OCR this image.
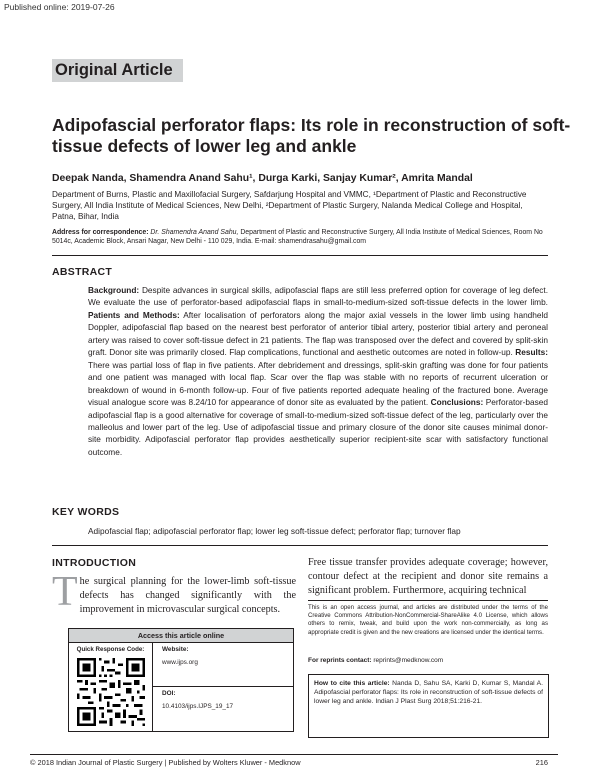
Published online: 2019-07-26
Original Article
Adipofascial perforator flaps: Its role in reconstruction of soft-tissue defects of lower leg and ankle
Deepak Nanda, Shamendra Anand Sahu¹, Durga Karki, Sanjay Kumar², Amrita Mandal
Department of Burns, Plastic and Maxillofacial Surgery, Safdarjung Hospital and VMMC, ¹Department of Plastic and Reconstructive Surgery, All India Institute of Medical Sciences, New Delhi, ²Department of Plastic Surgery, Nalanda Medical College and Hospital, Patna, Bihar, India
Address for correspondence: Dr. Shamendra Anand Sahu, Department of Plastic and Reconstructive Surgery, All India Institute of Medical Sciences, Room No 5014c, Academic Block, Ansari Nagar, New Delhi - 110 029, India. E-mail: shamendrasahu@gmail.com
ABSTRACT
Background: Despite advances in surgical skills, adipofascial flaps are still less preferred option for coverage of leg defect. We evaluate the use of perforator-based adipofascial flaps in small-to-medium-sized soft-tissue defects in the lower limb. Patients and Methods: After localisation of perforators along the major axial vessels in the lower limb using handheld Doppler, adipofascial flap based on the nearest best perforator of anterior tibial artery, posterior tibial artery and peroneal artery was raised to cover soft-tissue defect in 21 patients. The flap was transposed over the defect and covered by split-skin graft. Donor site was primarily closed. Flap complications, functional and aesthetic outcomes are noted in follow-up. Results: There was partial loss of flap in five patients. After debridement and dressings, split-skin grafting was done for four patients and one patient was managed with local flap. Scar over the flap was stable with no reports of recurrent ulceration or breakdown of wound in 6-month follow-up. Four of five patients reported adequate healing of the fractured bone. Average visual analogue score was 8.24/10 for appearance of donor site as evaluated by the patient. Conclusions: Perforator-based adipofascial flap is a good alternative for coverage of small-to-medium-sized soft-tissue defect of the leg, particularly over the malleolus and lower part of the leg. Use of adipofascial tissue and primary closure of the donor site causes minimal donor-site morbidity. Adipofascial perforator flap provides aesthetically superior recipient-site scar with satisfactory functional outcome.
KEY WORDS
Adipofascial flap; adipofascial perforator flap; lower leg soft-tissue defect; perforator flap; turnover flap
INTRODUCTION
T he surgical planning for the lower-limb soft-tissue defects has changed significantly with the improvement in microvascular surgical concepts.
Free tissue transfer provides adequate coverage; however, contour defect at the recipient and donor site remains a significant problem. Furthermore, acquiring technical
This is an open access journal, and articles are distributed under the terms of the Creative Commons Attribution-NonCommercial-ShareAlike 4.0 License, which allows others to remix, tweak, and build upon the work non-commercially, as long as appropriate credit is given and the new creations are licensed under the identical terms.
For reprints contact: reprints@medknow.com
How to cite this article: Nanda D, Sahu SA, Karki D, Kumar S, Mandal A. Adipofascial perforator flaps: Its role in reconstruction of soft-tissue defects of lower leg and ankle. Indian J Plast Surg 2018;51:216-21.
Access this article online
Quick Response Code:	Website:
www.ijps.org
DOI:
10.4103/ijps.IJPS_19_17
© 2018 Indian Journal of Plastic Surgery | Published by Wolters Kluwer - Medknow	216
